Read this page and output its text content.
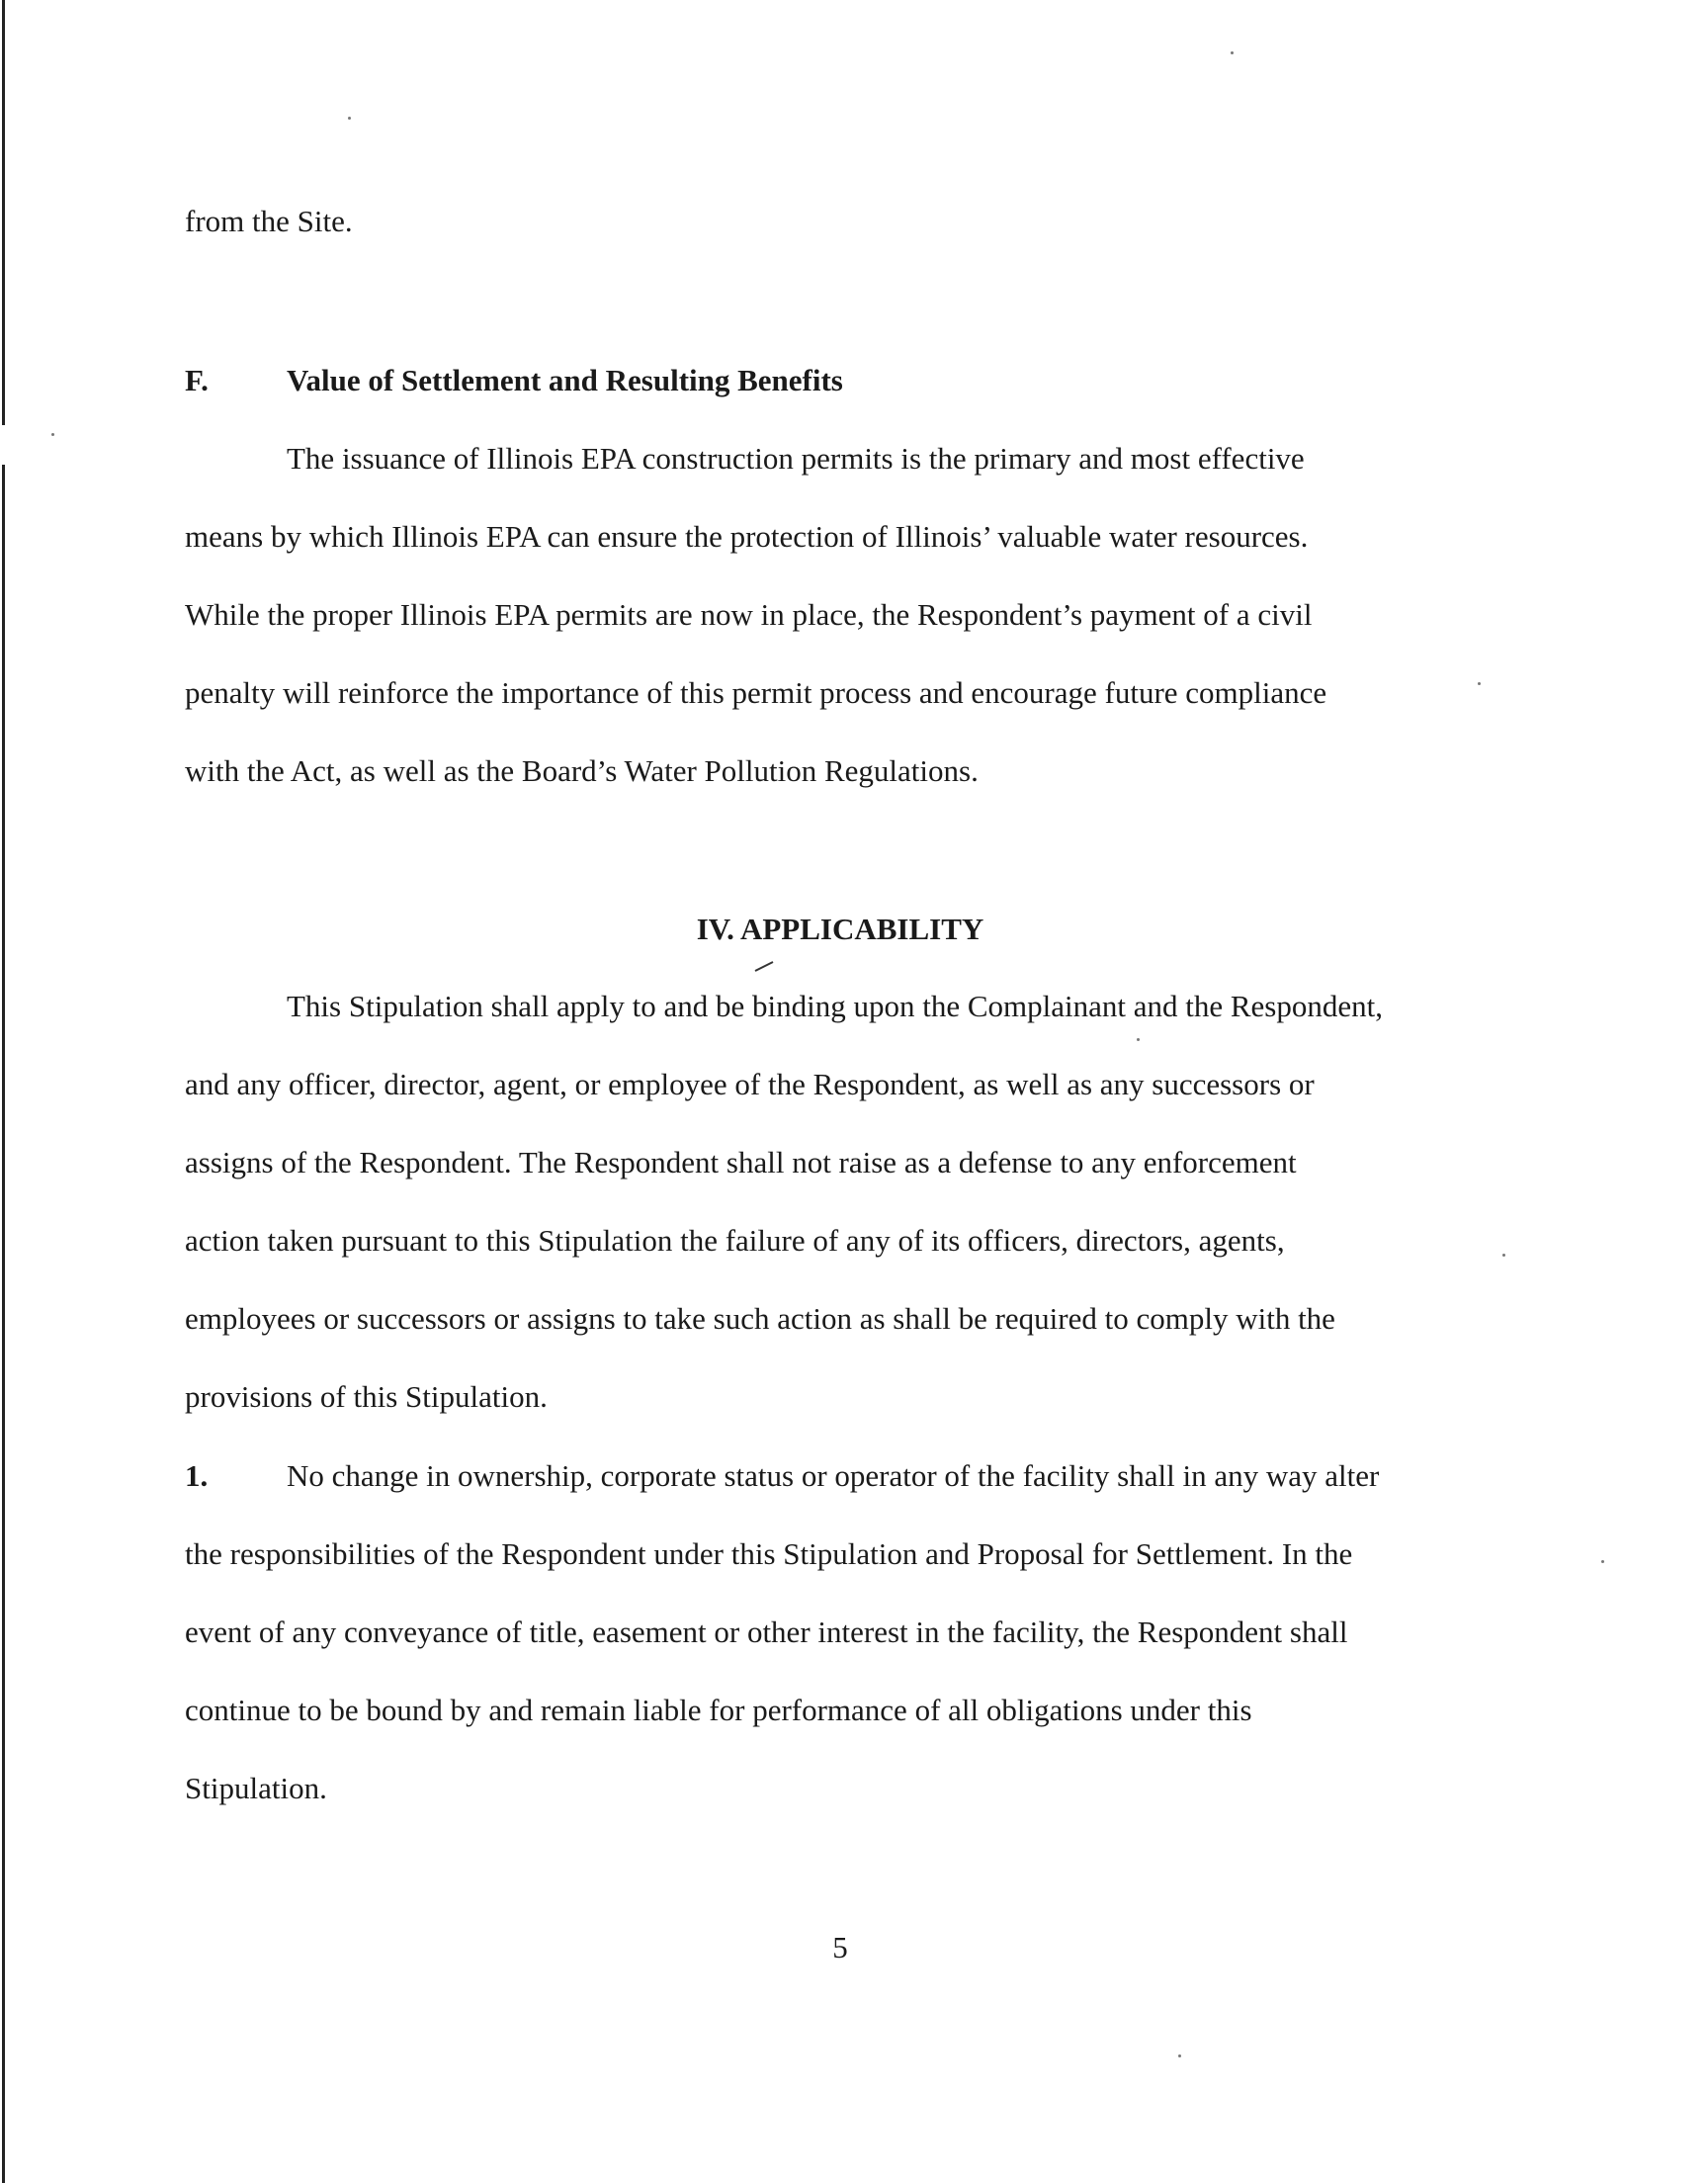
from the Site.
F.	Value of Settlement and Resulting Benefits
The issuance of Illinois EPA construction permits is the primary and most effective
means by which Illinois EPA can ensure the protection of Illinois’ valuable water resources.
While the proper Illinois EPA permits are now in place, the Respondent’s payment of a civil
penalty will reinforce the importance of this permit process and encourage future compliance
with the Act, as well as the Board’s Water Pollution Regulations.
IV. APPLICABILITY
This Stipulation shall apply to and be binding upon the Complainant and the Respondent,
and any officer, director, agent, or employee of the Respondent, as well as any successors or
assigns of the Respondent. The Respondent shall not raise as a defense to any enforcement
action taken pursuant to this Stipulation the failure of any of its officers, directors, agents,
employees or successors or assigns to take such action as shall be required to comply with the
provisions of this Stipulation.
1.	No change in ownership, corporate status or operator of the facility shall in any way alter
the responsibilities of the Respondent under this Stipulation and Proposal for Settlement. In the
event of any conveyance of title, easement or other interest in the facility, the Respondent shall
continue to be bound by and remain liable for performance of all obligations under this
Stipulation.
5
